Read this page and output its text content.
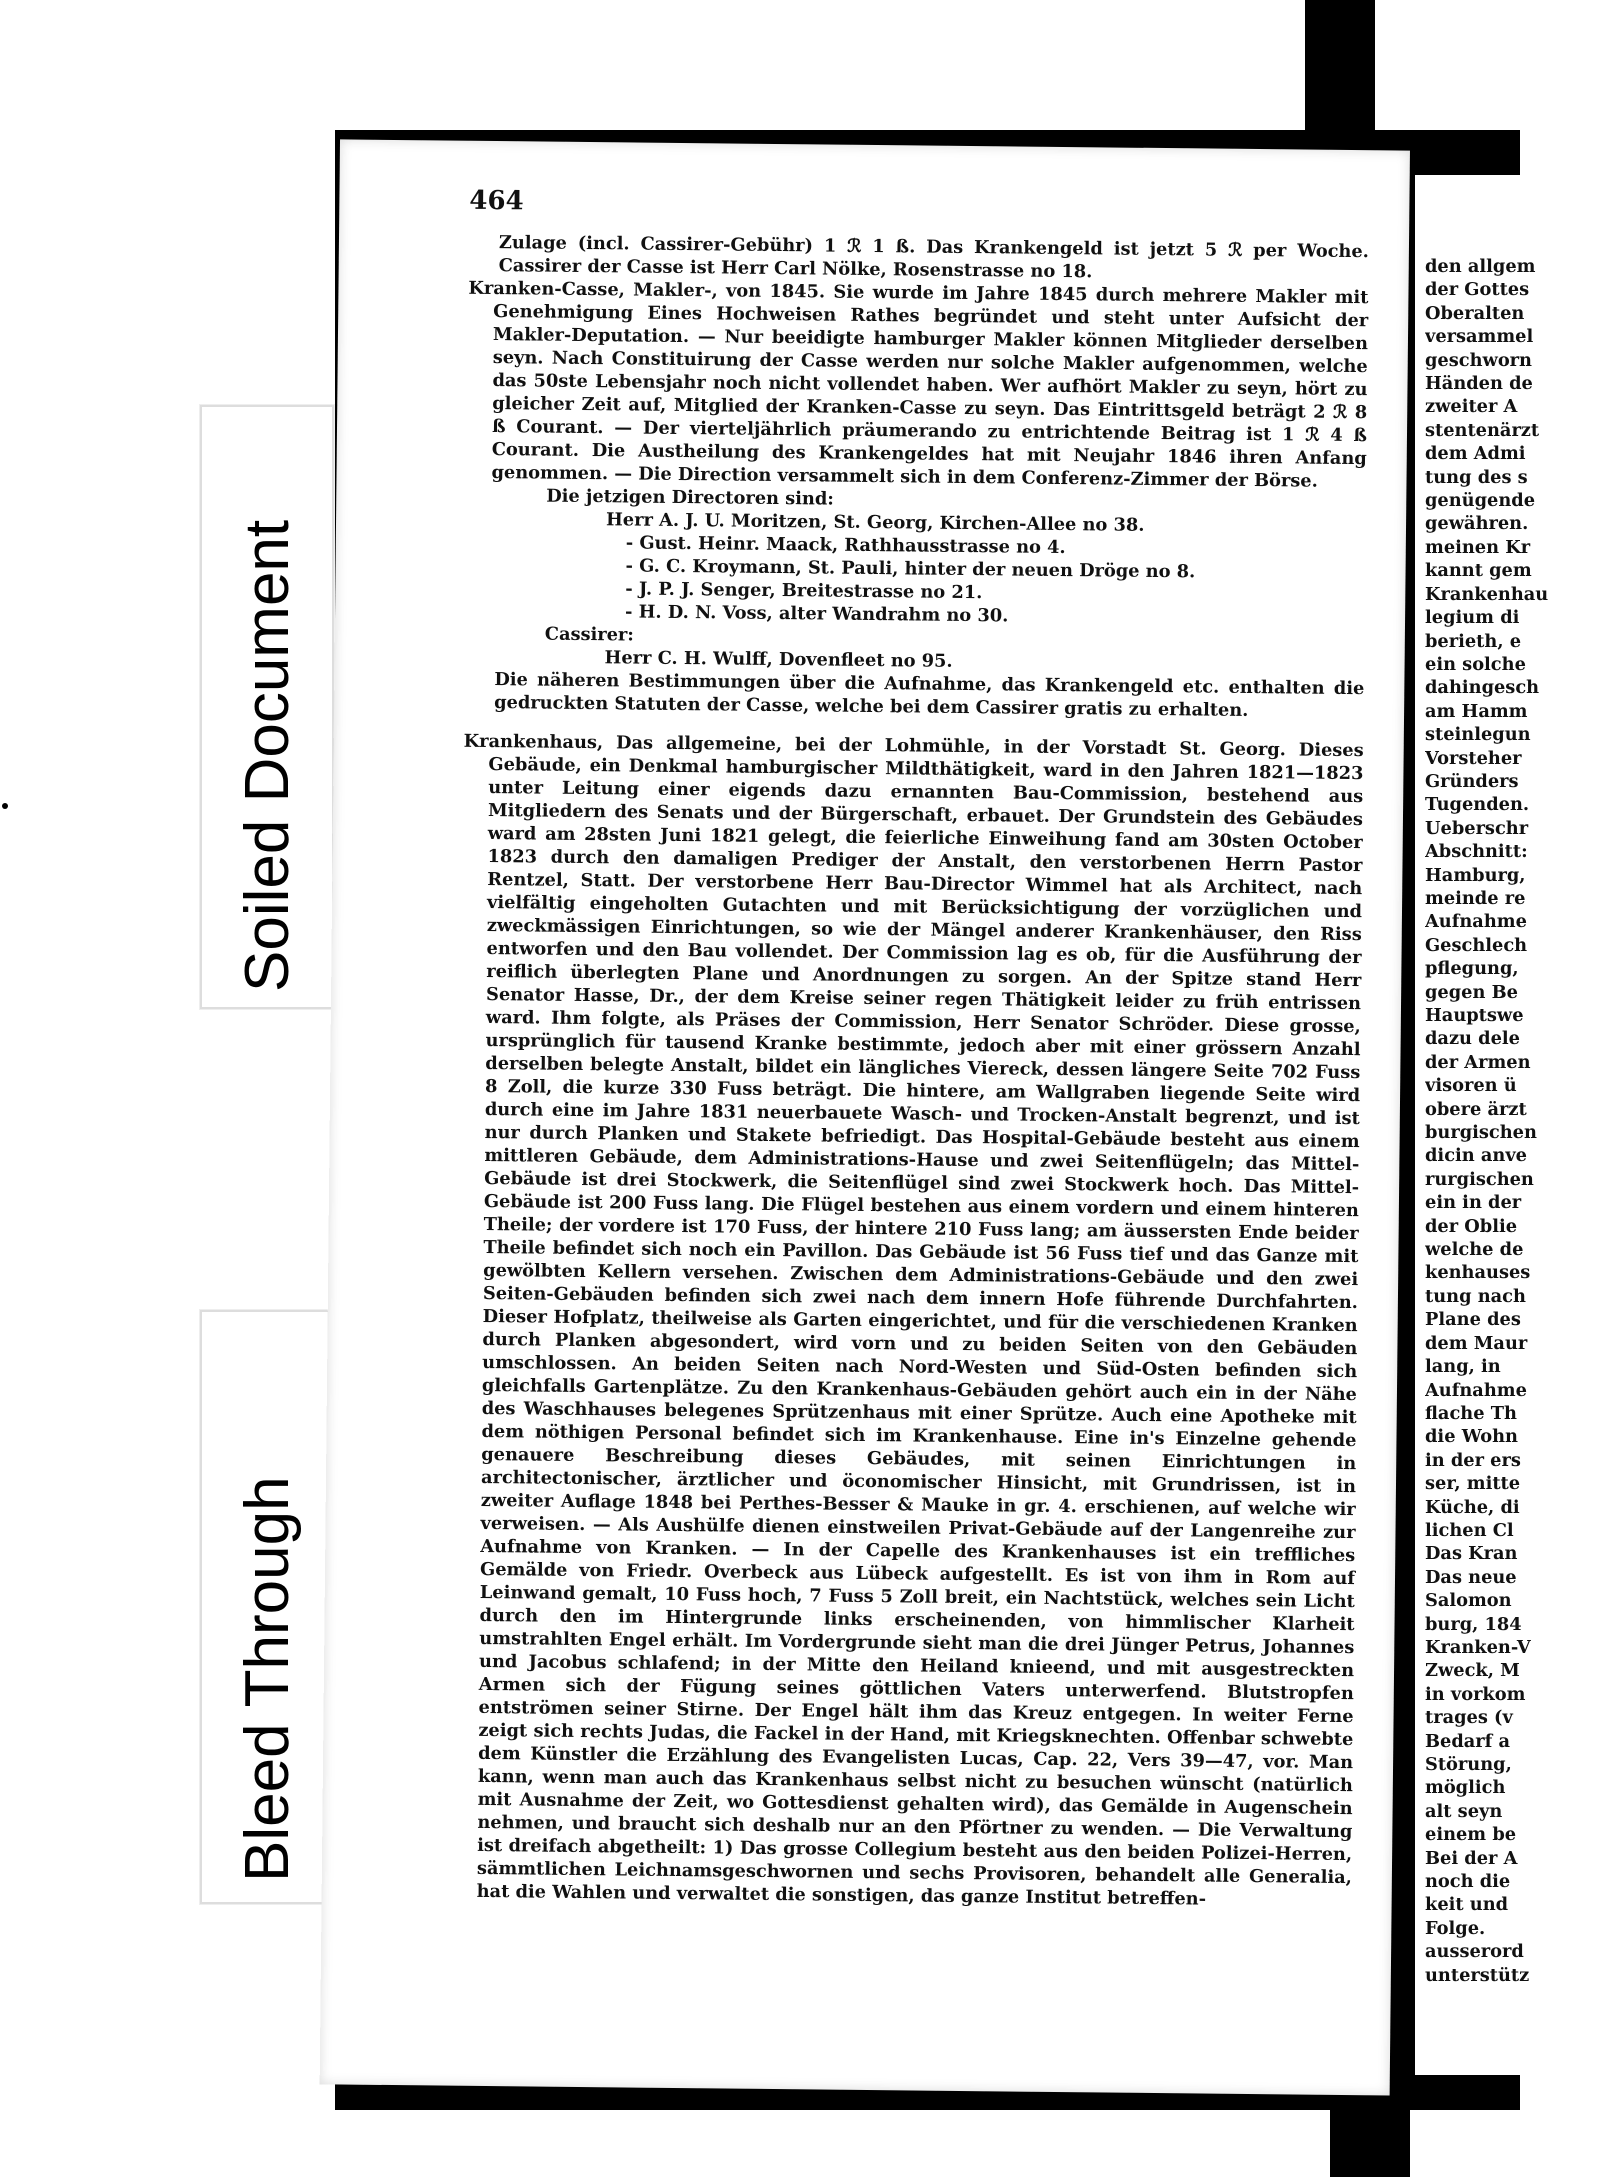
Soiled Document
Bleed Through
464

Zulage (incl. Cassirer-Gebühr) 1 ℛ 1 ß. Das Krankengeld ist jetzt 5 ℛ per Woche. Cassirer der Casse ist Herr Carl Nölke, Rosenstrasse no 18.

Kranken-Casse, Makler-, von 1845. Sie wurde im Jahre 1845 durch mehrere Makler mit Genehmigung Eines Hochweisen Rathes begründet und steht unter Aufsicht der Makler-Deputation. — Nur beeidigte hamburger Makler können Mitglieder derselben seyn. Nach Constituirung der Casse werden nur solche Makler aufgenommen, welche das 50ste Lebensjahr noch nicht vollendet haben. Wer aufhört Makler zu seyn, hört zu gleicher Zeit auf, Mitglied der Kranken-Casse zu seyn. Das Eintrittsgeld beträgt 2 ℛ 8 ß Courant. — Der vierteljährlich präumerando zu entrichtende Beitrag ist 1 ℛ 4 ß Courant. Die Austheilung des Krankengeldes hat mit Neujahr 1846 ihren Anfang genommen. — Die Direction versammelt sich in dem Conferenz-Zimmer der Börse.

Die jetzigen Directoren sind:

Herr A. J. U. Moritzen, St. Georg, Kirchen-Allee no 38.

- Gust. Heinr. Maack, Rathhausstrasse no 4.

- G. C. Kroymann, St. Pauli, hinter der neuen Dröge no 8.

- J. P. J. Senger, Breitestrasse no 21.

- H. D. N. Voss, alter Wandrahm no 30.

Cassirer:

Herr C. H. Wulff, Dovenfleet no 95.

Die näheren Bestimmungen über die Aufnahme, das Krankengeld etc. enthalten die gedruckten Statuten der Casse, welche bei dem Cassirer gratis zu erhalten.

Krankenhaus, Das allgemeine, bei der Lohmühle, in der Vorstadt St. Georg. Dieses Gebäude, ein Denkmal hamburgischer Mildthätigkeit, ward in den Jahren 1821—1823 unter Leitung einer eigends dazu ernannten Bau-Commission, bestehend aus Mitgliedern des Senats und der Bürgerschaft, erbauet. Der Grundstein des Gebäudes ward am 28sten Juni 1821 gelegt, die feierliche Einweihung fand am 30sten October 1823 durch den damaligen Prediger der Anstalt, den verstorbenen Herrn Pastor Rentzel, Statt. Der verstorbene Herr Bau-Director Wimmel hat als Architect, nach vielfältig eingeholten Gutachten und mit Berücksichtigung der vorzüglichen und zweckmässigen Einrichtungen, so wie der Mängel anderer Krankenhäuser, den Riss entworfen und den Bau vollendet. Der Commission lag es ob, für die Ausführung der reiflich überlegten Plane und Anordnungen zu sorgen. An der Spitze stand Herr Senator Hasse, Dr., der dem Kreise seiner regen Thätigkeit leider zu früh entrissen ward. Ihm folgte, als Präses der Commission, Herr Senator Schröder. Diese grosse, ursprünglich für tausend Kranke bestimmte, jedoch aber mit einer grössern Anzahl derselben belegte Anstalt, bildet ein längliches Viereck, dessen längere Seite 702 Fuss 8 Zoll, die kurze 330 Fuss beträgt. Die hintere, am Wallgraben liegende Seite wird durch eine im Jahre 1831 neuerbauete Wasch- und Trocken-Anstalt begrenzt, und ist nur durch Planken und Stakete befriedigt. Das Hospital-Gebäude besteht aus einem mittleren Gebäude, dem Administrations-Hause und zwei Seitenflügeln; das Mittel-Gebäude ist drei Stockwerk, die Seitenflügel sind zwei Stockwerk hoch. Das Mittel-Gebäude ist 200 Fuss lang. Die Flügel bestehen aus einem vordern und einem hinteren Theile; der vordere ist 170 Fuss, der hintere 210 Fuss lang; am äussersten Ende beider Theile befindet sich noch ein Pavillon. Das Gebäude ist 56 Fuss tief und das Ganze mit gewölbten Kellern versehen. Zwischen dem Administrations-Gebäude und den zwei Seiten-Gebäuden befinden sich zwei nach dem innern Hofe führende Durchfahrten. Dieser Hofplatz, theilweise als Garten eingerichtet, und für die verschiedenen Kranken durch Planken abgesondert, wird vorn und zu beiden Seiten von den Gebäuden umschlossen. An beiden Seiten nach Nord-Westen und Süd-Osten befinden sich gleichfalls Gartenplätze. Zu den Krankenhaus-Gebäuden gehört auch ein in der Nähe des Waschhauses belegenes Sprützenhaus mit einer Sprütze. Auch eine Apotheke mit dem nöthigen Personal befindet sich im Krankenhause. Eine in's Einzelne gehende genauere Beschreibung dieses Gebäudes, mit seinen Einrichtungen in architectonischer, ärztlicher und öconomischer Hinsicht, mit Grundrissen, ist in zweiter Auflage 1848 bei Perthes-Besser & Mauke in gr. 4. erschienen, auf welche wir verweisen. — Als Aushülfe dienen einstweilen Privat-Gebäude auf der Langenreihe zur Aufnahme von Kranken. — In der Capelle des Krankenhauses ist ein treffliches Gemälde von Friedr. Overbeck aus Lübeck aufgestellt. Es ist von ihm in Rom auf Leinwand gemalt, 10 Fuss hoch, 7 Fuss 5 Zoll breit, ein Nachtstück, welches sein Licht durch den im Hintergrunde links erscheinenden, von himmlischer Klarheit umstrahlten Engel erhält. Im Vordergrunde sieht man die drei Jünger Petrus, Johannes und Jacobus schlafend; in der Mitte den Heiland knieend, und mit ausgestreckten Armen sich der Fügung seines göttlichen Vaters unterwerfend. Blutstropfen entströmen seiner Stirne. Der Engel hält ihm das Kreuz entgegen. In weiter Ferne zeigt sich rechts Judas, die Fackel in der Hand, mit Kriegsknechten. Offenbar schwebte dem Künstler die Erzählung des Evangelisten Lucas, Cap. 22, Vers 39—47, vor. Man kann, wenn man auch das Krankenhaus selbst nicht zu besuchen wünscht (natürlich mit Ausnahme der Zeit, wo Gottesdienst gehalten wird), das Gemälde in Augenschein nehmen, und braucht sich deshalb nur an den Pförtner zu wenden. — Die Verwaltung ist dreifach abgetheilt: 1) Das grosse Collegium besteht aus den beiden Polizei-Herren, sämmtlichen Leichnamsgeschwornen und sechs Provisoren, behandelt alle Generalia, hat die Wahlen und verwaltet die sonstigen, das ganze Institut betreffen-

den allgem
der Gottes
Oberalten
versammel
geschworn
Händen de
zweiter A
stentenärzt
dem Admi
tung des s
genügende
gewähren.
meinen Kr
kannt gem
Krankenhau
legium di
berieth, e
ein solche
dahingesch
am Hamm
steinlegun
Vorsteher
Gründers
Tugenden.
Ueberschr
Abschnitt:
Hamburg,
meinde re
Aufnahme
Geschlech
pflegung,
gegen Be
Hauptswe
dazu dele
der Armen
visoren ü
obere ärzt
burgischen
dicin anve
rurgischen
ein in der
der Oblie
welche de
kenhauses
tung nach
Plane des
dem Maur
lang, in
Aufnahme
flache Th
die Wohn
in der ers
ser, mitte
Küche, di
lichen Cl
Das Kran
Das neue
Salomon
burg, 184
Kranken-V
Zweck, M
in vorkom
trages (v
Bedarf a
Störung,
möglich
alt seyn
einem be
Bei der A
noch die
keit und
Folge.
ausserord
unterstütz
